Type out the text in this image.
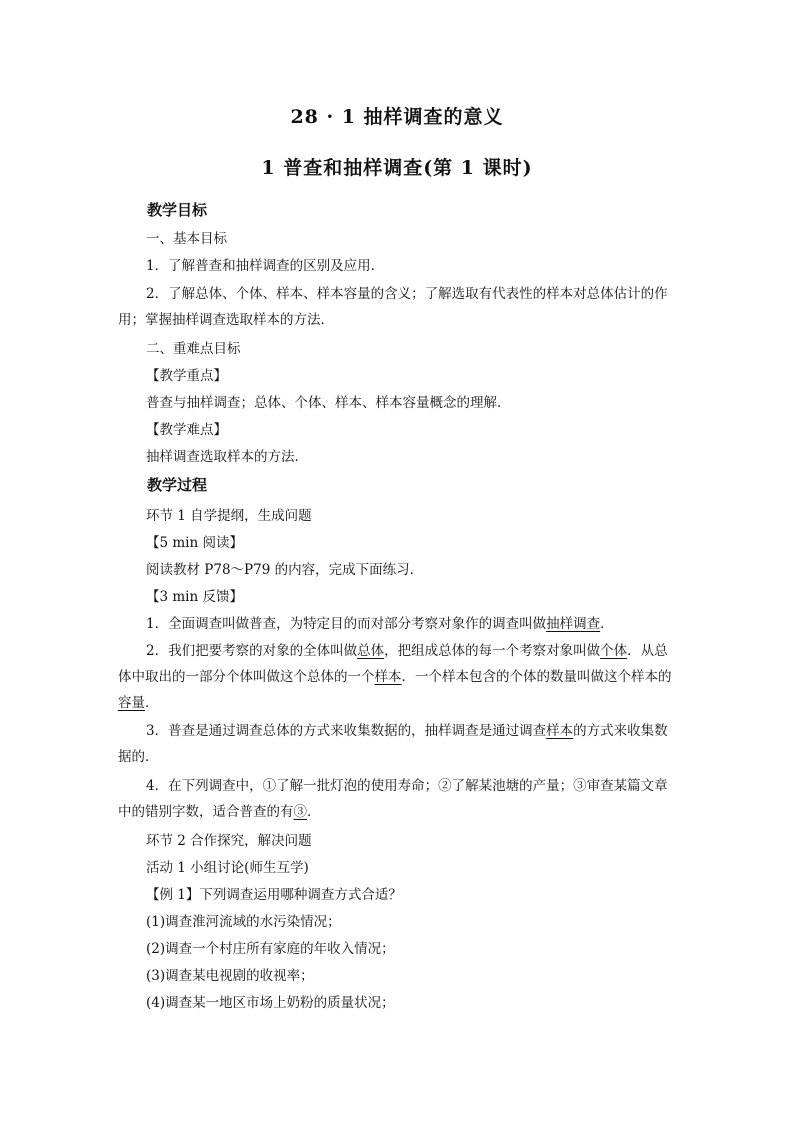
28 · 1 抽样调查的意义
1 普查和抽样调查(第 1 课时)
教学目标
一、基本目标
1．了解普查和抽样调查的区别及应用．
2．了解总体、个体、样本、样本容量的含义；了解选取有代表性的样本对总体估计的作用；掌握抽样调查选取样本的方法．
二、重难点目标
【教学重点】
普查与抽样调查；总体、个体、样本、样本容量概念的理解．
【教学难点】
抽样调查选取样本的方法．
教学过程
环节 1 自学提纲，生成问题
【5 min 阅读】
阅读教材 P78～P79 的内容，完成下面练习．
【3 min 反馈】
1．全面调查叫做普查，为特定目的而对部分考察对象作的调查叫做抽样调查．
2．我们把要考察的对象的全体叫做总体，把组成总体的每一个考察对象叫做个体．从总体中取出的一部分个体叫做这个总体的一个样本．一个样本包含的个体的数量叫做这个样本的容量．
3．普查是通过调查总体的方式来收集数据的，抽样调查是通过调查样本的方式来收集数据的．
4．在下列调查中，①了解一批灯泡的使用寿命；②了解某池塘的产量；③审查某篇文章中的错别字数，适合普查的有③．
环节 2 合作探究，解决问题
活动 1 小组讨论(师生互学)
【例 1】下列调查运用哪种调查方式合适？
(1)调查淮河流域的水污染情况；
(2)调查一个村庄所有家庭的年收入情况；
(3)调查某电视剧的收视率；
(4)调查某一地区市场上奶粉的质量状况；
